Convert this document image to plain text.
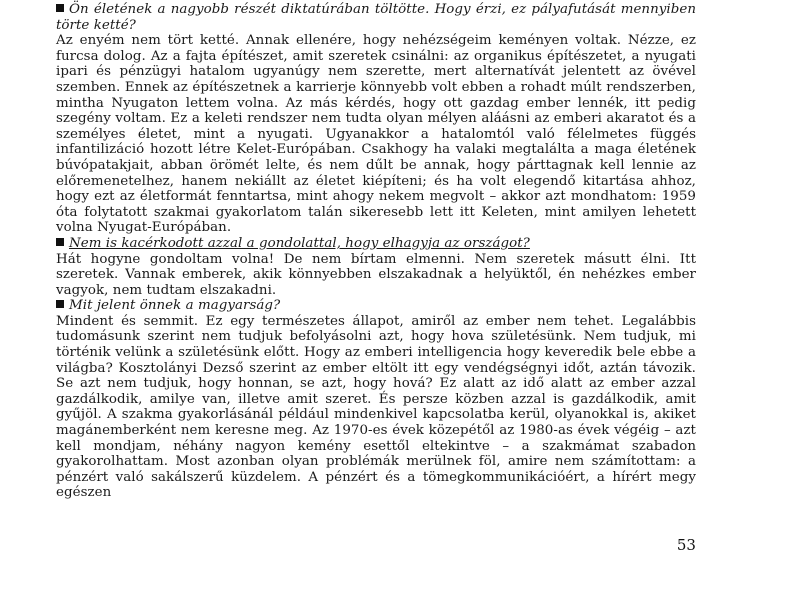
Ön életének a nagyobb részét diktatúrában töltötte. Hogy érzi, ez pályafutását mennyiben törte ketté?

Az enyém nem tört ketté. Annak ellenére, hogy nehézségeim keményen voltak. Nézze, ez furcsa dolog. Az a fajta építészet, amit szeretek csinálni: az organikus építészetet, a nyugati ipari és pénzügyi hatalom ugyanúgy nem szerette, mert alternatívát jelentett az övével szemben. Ennek az építészetnek a karrierje könnyebb volt ebben a rohadt múlt rendszerben, mintha Nyugaton lettem volna. Az más kérdés, hogy ott gazdag ember lennék, itt pedig szegény voltam. Ez a keleti rendszer nem tudta olyan mélyen aláásni az emberi akaratot és a személyes életet, mint a nyugati. Ugyanakkor a hatalomtól való félelmetes függés infantilizáció hozott létre Kelet-Európában. Csakhogy ha valaki megtalálta a maga életének búvópatakjait, abban örömét lelte, és nem dűlt be annak, hogy párttagnak kell lennie az előremenetelhez, hanem nekiállt az életet kiépíteni; és ha volt elegendő kitartása ahhoz, hogy ezt az életformát fenntartsa, mint ahogy nekem megvolt – akkor azt mondhatom: 1959 óta folytatott szakmai gyakorlatom talán sikeresebb lett itt Keleten, mint amilyen lehetett volna Nyugat-Európában.

Nem is kacérkodott azzal a gondolattal, hogy elhagyja az országot?

Hát hogyne gondoltam volna! De nem bírtam elmenni. Nem szeretek másutt élni. Itt szeretek. Vannak emberek, akik könnyebben elszakadnak a helyüktől, én nehézkes ember vagyok, nem tudtam elszakadni.

Mit jelent önnek a magyarság?

Mindent és semmit. Ez egy természetes állapot, amiről az ember nem tehet. Legalábbis tudomásunk szerint nem tudjuk befolyásolni azt, hogy hova születésünk. Nem tudjuk, mi történik velünk a születésünk előtt. Hogy az emberi intelligencia hogy keveredik bele ebbe a világba? Kosztolányi Dezső szerint az ember eltölt itt egy vendégségnyi időt, aztán távozik. Se azt nem tudjuk, hogy honnan, se azt, hogy hová? Ez alatt az idő alatt az ember azzal gazdálkodik, amilye van, illetve amit szeret. És persze közben azzal is gazdálkodik, amit gyűjöl. A szakma gyakorlásánál például mindenkivel kapcsolatba kerül, olyanokkal is, akiket magánemberként nem keresne meg. Az 1970-es évek közepétől az 1980-as évek végéig – azt kell mondjam, néhány nagyon kemény esettől eltekintve – a szakmámat szabadon gyakorolhattam. Most azonban olyan problémák merülnek föl, amire nem számítottam: a pénzért való sakálszerű küzdelem. A pénzért és a tömegkommunikációért, a hírért megy egészen

53
